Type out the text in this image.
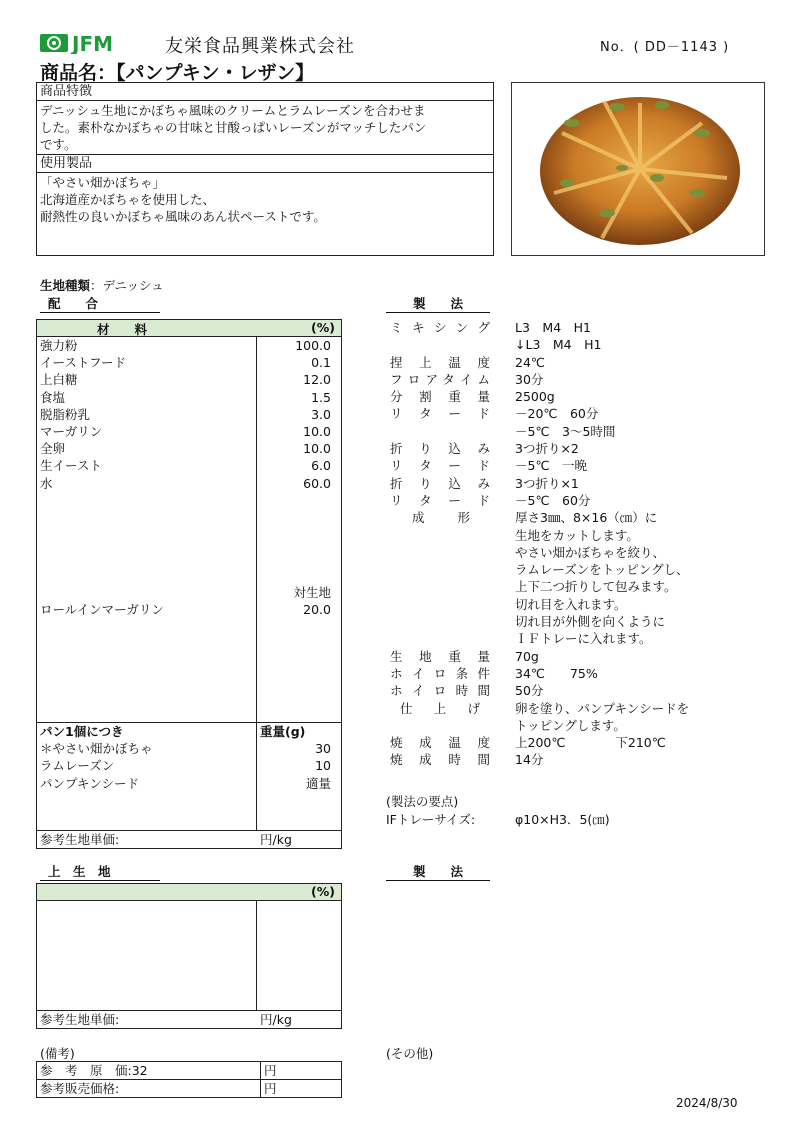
JFM	友栄食品興業株式会社	No．( DD－1143 )
商品名：【パンプキン・レザン】
商品特徴
デニッシュ生地にかぼちゃ風味のクリームとラムレーズンを合わせま
した。素朴なかぼちゃの甘味と甘酸っぱいレーズンがマッチしたパン
です。
使用製品
「やさい畑かぼちゃ」
北海道産かぼちゃを使用した、
耐熱性の良いかぼちゃ風味のあん状ペーストです。
生地種類：デニッシュ
配　　合	製　　法
材　　料	(%)
強力粉	100.0
イーストフード	0.1
上白糖	12.0
食塩	1.5
脱脂粉乳	3.0
マーガリン	10.0
全卵	10.0
生イースト	6.0
水	60.0
対生地
ロールインマーガリン	20.0
パン1個につき	重量(g)
＊やさい畑かぼちゃ	30
ラムレーズン	10
パンプキンシード	適量
参考生地単価:	円/kg
ミキシング L3　M4　H1
↓L3　M4　H1
捏上温度 24℃
フロアタイム 30分
分割重量 2500g
リタード －20℃　60分
－5℃　3～5時間
折り込み 3つ折り×2
リタード －5℃　一晩
折り込み 3つ折り×1
リタード －5℃　60分
成　形	厚さ3㎜、8×16（㎝）に
生地をカットします。
やさい畑かぼちゃを絞り、
ラムレーズンをトッピングし、
上下二つ折りして包みます。
切れ目を入れます。
切れ目が外側を向くように
ＩＦトレーに入れます。
生地重量 70g
ホイロ条件 34℃　　75%
ホイロ時間 50分
仕上げ	卵を塗り、パンプキンシードを
トッピングします。
焼成温度 上200℃　　　　下210℃
焼成時間 14分
(製法の要点)
IFトレーサイズ:	φ10×H3．5(㎝)
上　生　地	製　　法
(%)
参考生地単価:	円/kg
(備考)
参　考　原　価:32	円
参考販売価格:	円
(その他)
2024/8/30
